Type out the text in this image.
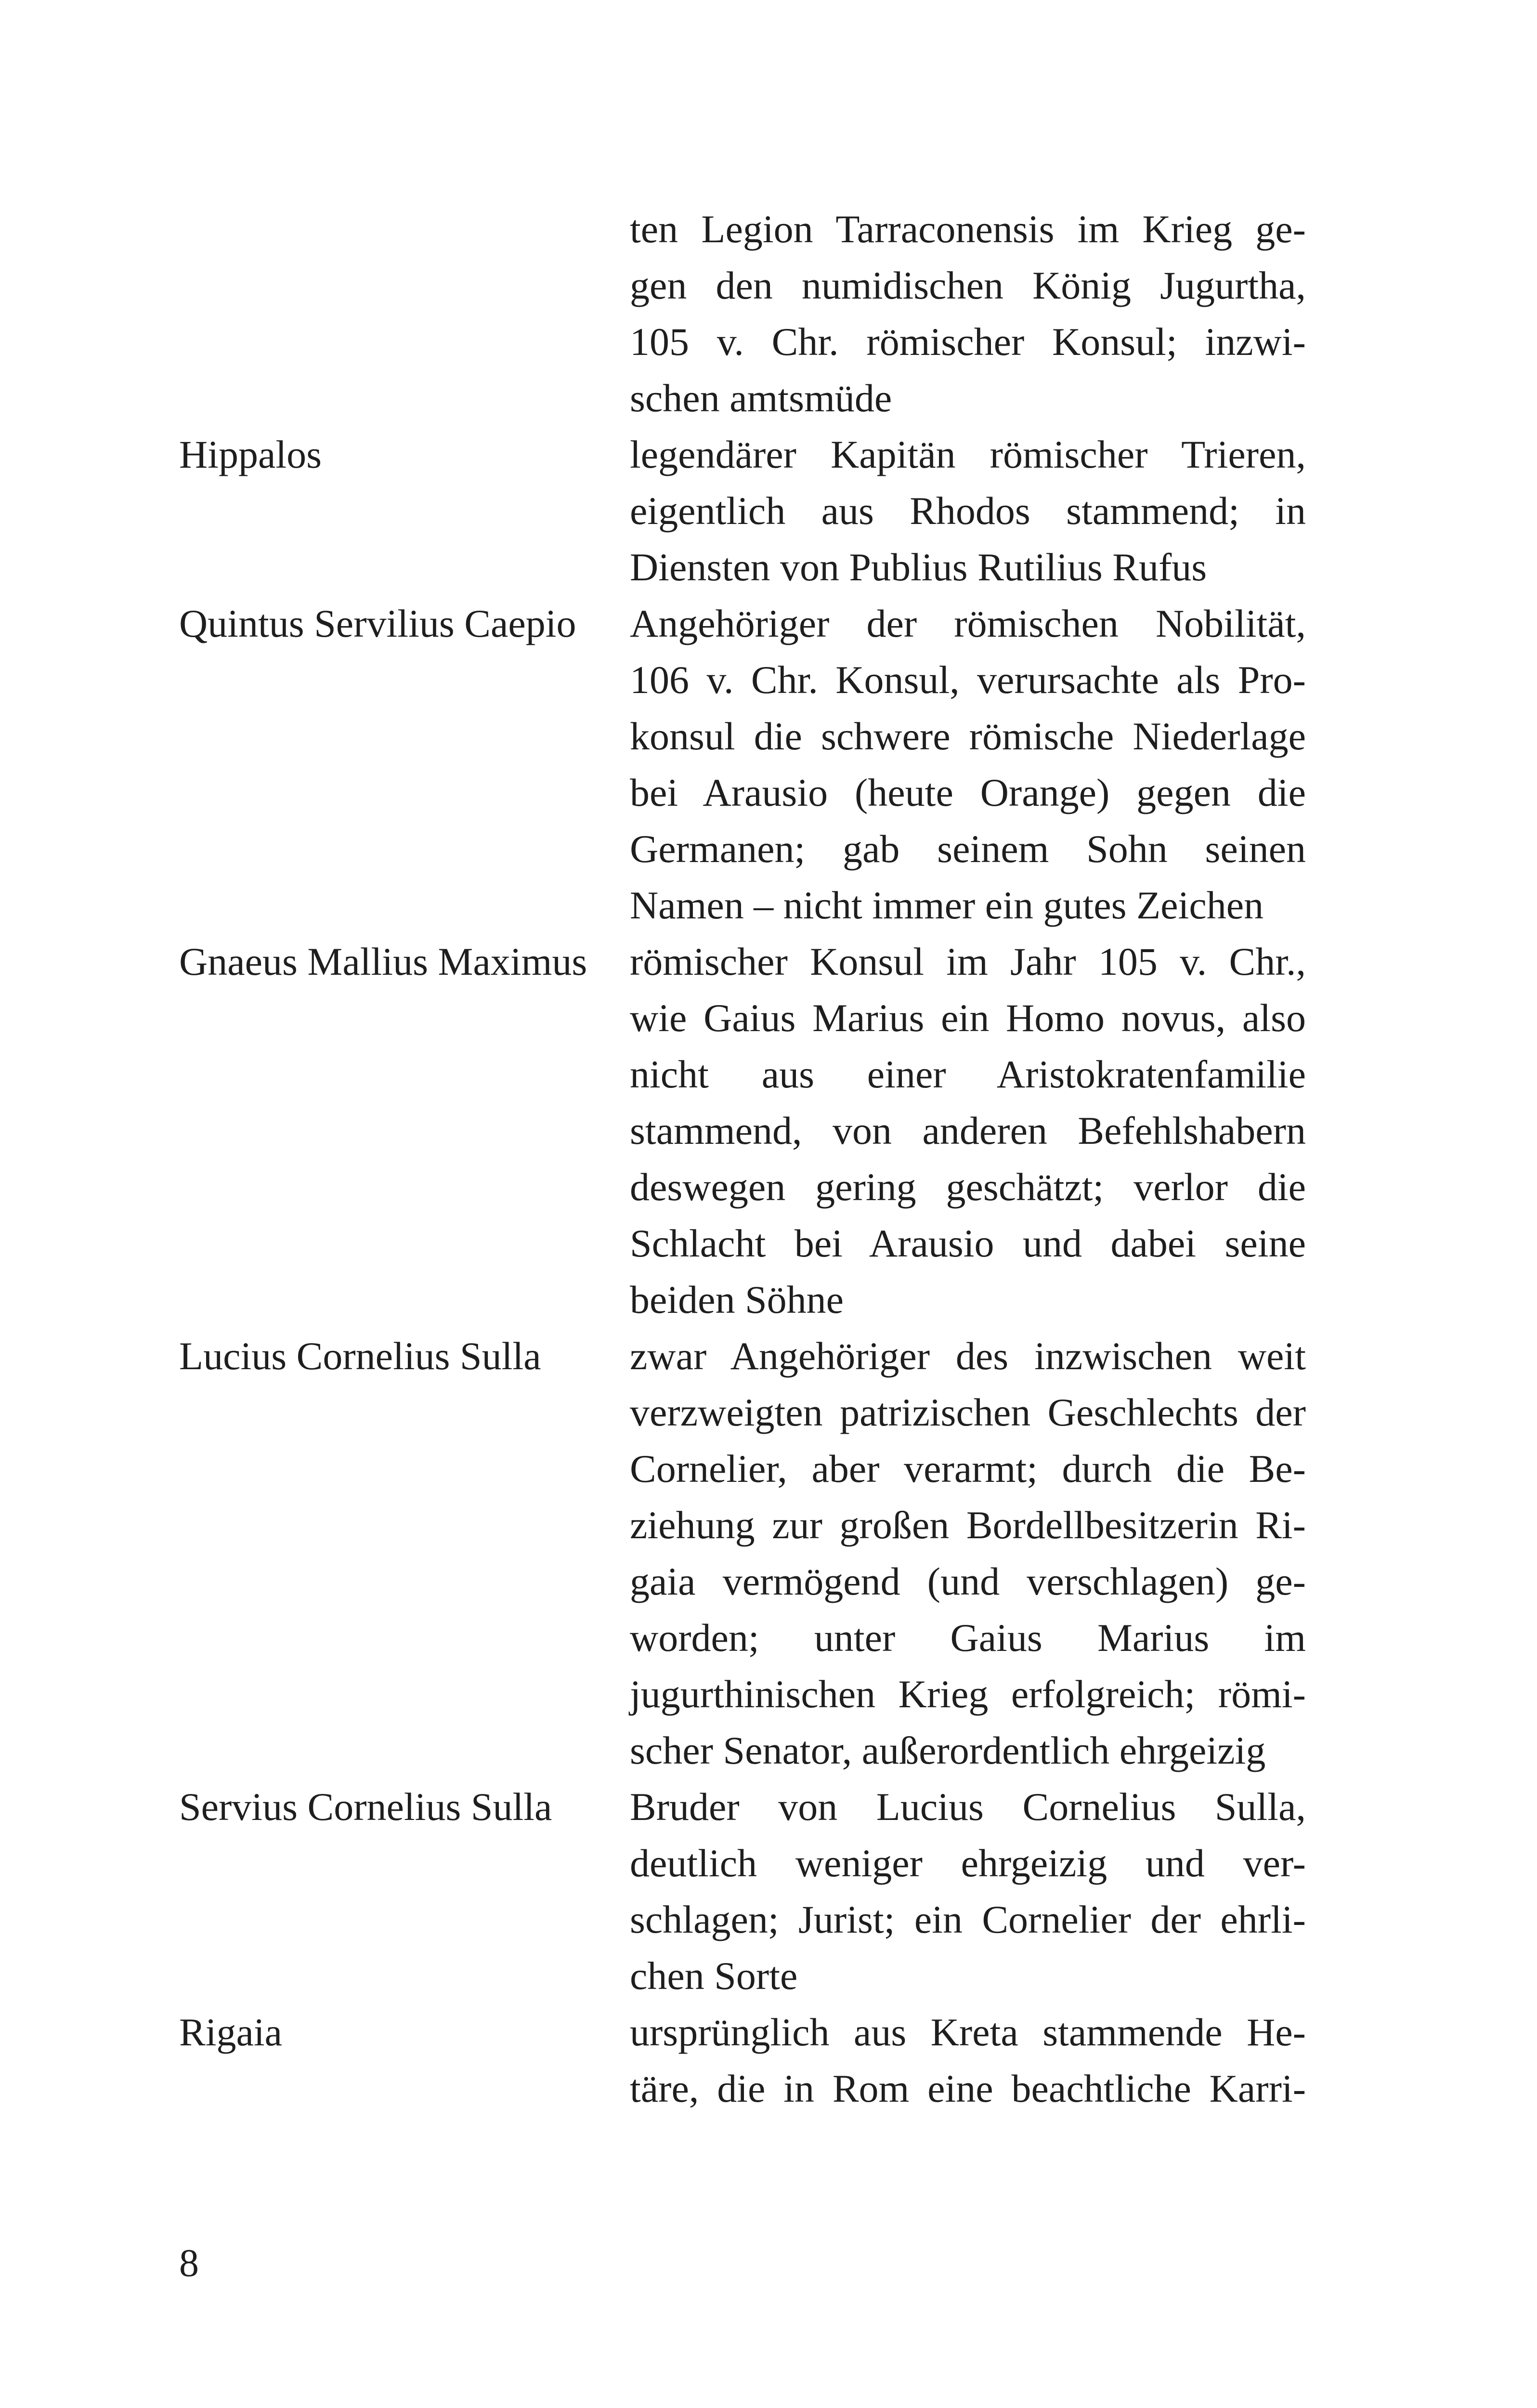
ten Legion Tarraconensis im Krieg ge-
gen den numidischen König Jugurtha,
105 v. Chr. römischer Konsul; inzwi-
schen amtsmüde
Hippalos	legendärer Kapitän römischer Trieren,
eigentlich aus Rhodos stammend; in
Diensten von Publius Rutilius Rufus
Quintus Servilius Caepio	Angehöriger der römischen Nobilität,
106 v. Chr. Konsul, verursachte als Pro-
konsul die schwere römische Niederlage
bei Arausio (heute Orange) gegen die
Germanen; gab seinem Sohn seinen
Namen – nicht immer ein gutes Zeichen
Gnaeus Mallius Maximus	römischer Konsul im Jahr 105 v. Chr.,
wie Gaius Marius ein Homo novus, also
nicht aus einer Aristokratenfamilie
stammend, von anderen Befehlshabern
deswegen gering geschätzt; verlor die
Schlacht bei Arausio und dabei seine
beiden Söhne
Lucius Cornelius Sulla	zwar Angehöriger des inzwischen weit
verzweigten patrizischen Geschlechts der
Cornelier, aber verarmt; durch die Be-
ziehung zur großen Bordellbesitzerin Ri-
gaia vermögend (und verschlagen) ge-
worden; unter Gaius Marius im
jugurthinischen Krieg erfolgreich; römi-
scher Senator, außerordentlich ehrgeizig
Servius Cornelius Sulla	Bruder von Lucius Cornelius Sulla,
deutlich weniger ehrgeizig und ver-
schlagen; Jurist; ein Cornelier der ehrli-
chen Sorte
Rigaia	ursprünglich aus Kreta stammende He-
täre, die in Rom eine beachtliche Karri-
8
